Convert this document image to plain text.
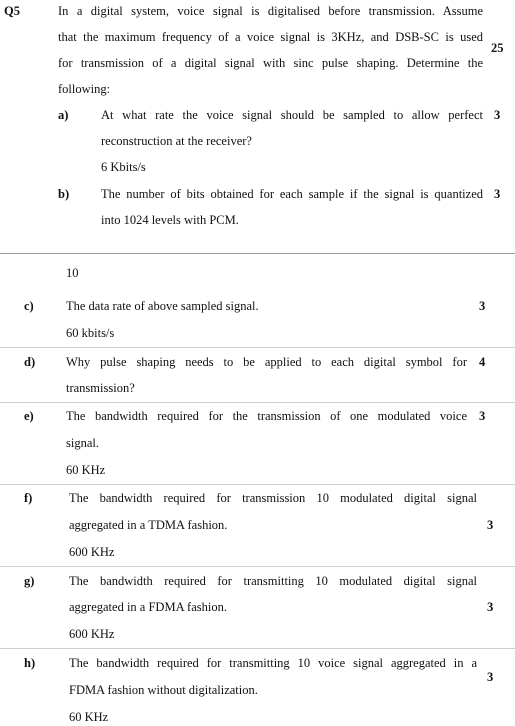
Q5	In a digital system, voice signal is digitalised before transmission. Assume
that the maximum frequency of a voice signal is 3KHz, and DSB-SC is used
for transmission of a digital signal with sinc pulse shaping. Determine the
following:
25
a)	At what rate the voice signal should be sampled to allow perfect
reconstruction at the receiver?
3
6 Kbits/s
b)	The number of bits obtained for each sample if the signal is quantized
into 1024 levels with PCM.
3
10
c)	The data rate of above sampled signal.	3
60 kbits/s
d) Why pulse shaping needs to be applied to each digital symbol for
transmission?
4
e)	The bandwidth required for the transmission of one modulated voice
signal.
3
60 KHz
f)	The bandwidth required for transmission 10 modulated digital signal
aggregated in a TDMA fashion.	3
600 KHz
g)	The bandwidth required for transmitting 10 modulated digital signal
aggregated in a FDMA fashion.	3
600 KHz
h)	The bandwidth required for transmitting 10 voice signal aggregated in a
FDMA fashion without digitalization.
3
60 KHz
